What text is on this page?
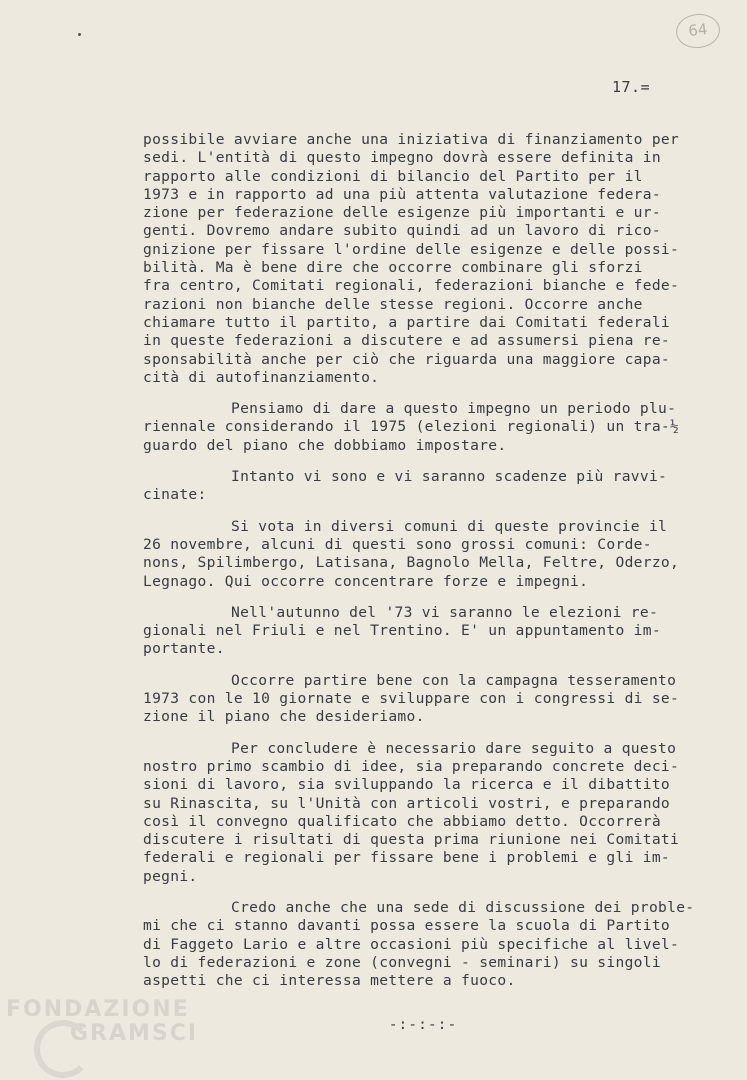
64
17.=
possibile avviare anche una iniziativa di finanziamento per
sedi. L'entità di questo impegno dovrà essere definita in
rapporto alle condizioni di bilancio del Partito per il
1973 e in rapporto ad una più attenta valutazione federa-
zione per federazione delle esigenze più importanti e ur-
genti. Dovremo andare subito quindi ad un lavoro di rico-
gnizione per fissare l'ordine delle esigenze e delle possi-
bilità. Ma è bene dire che occorre combinare gli sforzi
fra centro, Comitati regionali, federazioni bianche e fede-
razioni non bianche delle stesse regioni. Occorre anche
chiamare tutto il partito, a partire dai Comitati federali
in queste federazioni a discutere e ad assumersi piena re-
sponsabilità anche per ciò che riguarda una maggiore capa-
cità di autofinanziamento.
Pensiamo di dare a questo impegno un periodo plu-
riennale considerando il 1975 (elezioni regionali) un tra-½
guardo del piano che dobbiamo impostare.
Intanto vi sono e vi saranno scadenze più ravvi-
cinate:
Si vota in diversi comuni di queste provincie il
26 novembre, alcuni di questi sono grossi comuni: Corde-
nons, Spilimbergo, Latisana, Bagnolo Mella, Feltre, Oderzo,
Legnago. Qui occorre concentrare forze e impegni.
Nell'autunno del '73 vi saranno le elezioni re-
gionali nel Friuli e nel Trentino. E' un appuntamento im-
portante.
Occorre partire bene con la campagna tesseramento
1973 con le 10 giornate e sviluppare con i congressi di se-
zione il piano che desideriamo.
Per concludere è necessario dare seguito a questo
nostro primo scambio di idee, sia preparando concrete deci-
sioni di lavoro, sia sviluppando la ricerca e il dibattito
su Rinascita, su l'Unità con articoli vostri, e preparando
così il convegno qualificato che abbiamo detto. Occorrerà
discutere i risultati di questa prima riunione nei Comitati
federali e regionali per fissare bene i problemi e gli im-
pegni.
Credo anche che una sede di discussione dei proble-
mi che ci stanno davanti possa essere la scuola di Partito
di Faggeto Lario e altre occasioni più specifiche al livel-
lo di federazioni e zone (convegni - seminari) su singoli
aspetti che ci interessa mettere a fuoco.
-:-:-:-
FONDAZIONE
GRAMSCI
